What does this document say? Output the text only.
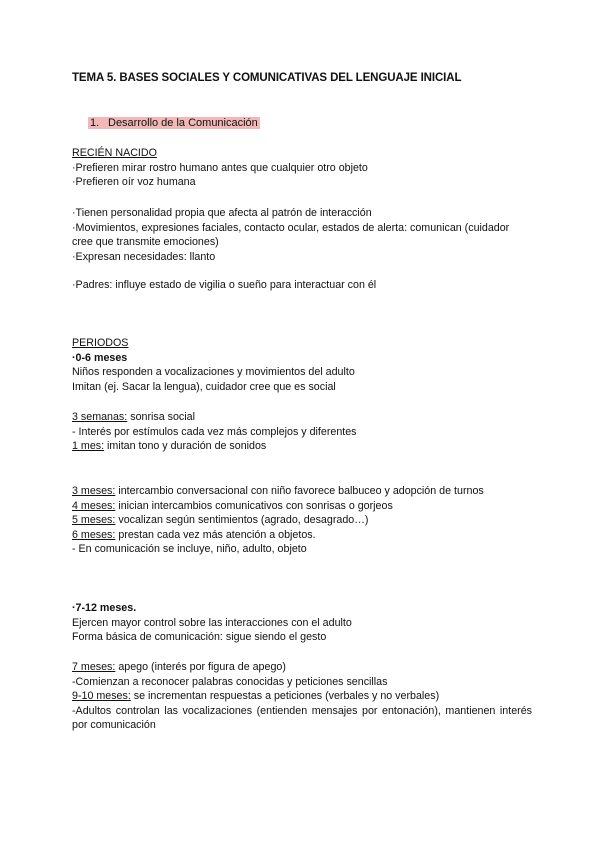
TEMA 5. BASES SOCIALES Y COMUNICATIVAS DEL LENGUAJE INICIAL
1. Desarrollo de la Comunicación
RECIÉN NACIDO
·Prefieren mirar rostro humano antes que cualquier otro objeto
·Prefieren oír voz humana
·Tienen personalidad propia que afecta al patrón de interacción
·Movimientos, expresiones faciales, contacto ocular, estados de alerta: comunican (cuidador cree que transmite emociones)
·Expresan necesidades: llanto
·Padres: influye estado de vigilia o sueño para interactuar con él
PERIODOS
·0-6 meses
Niños responden a vocalizaciones y movimientos del adulto
Imitan (ej. Sacar la lengua), cuidador cree que es social
3 semanas: sonrisa social
- Interés por estímulos cada vez más complejos y diferentes
1 mes: imitan tono y duración de sonidos
3 meses: intercambio conversacional con niño favorece balbuceo y adopción de turnos
4 meses: inician intercambios comunicativos con sonrisas o gorjeos
5 meses: vocalizan según sentimientos (agrado, desagrado…)
6 meses: prestan cada vez más atención a objetos.
- En comunicación se incluye, niño, adulto, objeto
·7-12 meses.
Ejercen mayor control sobre las interacciones con el adulto
Forma básica de comunicación: sigue siendo el gesto
7 meses: apego (interés por figura de apego)
-Comienzan a reconocer palabras conocidas y peticiones sencillas
9-10 meses: se incrementan respuestas a peticiones (verbales y no verbales)
-Adultos controlan las vocalizaciones (entienden mensajes por entonación), mantienen interés por comunicación
